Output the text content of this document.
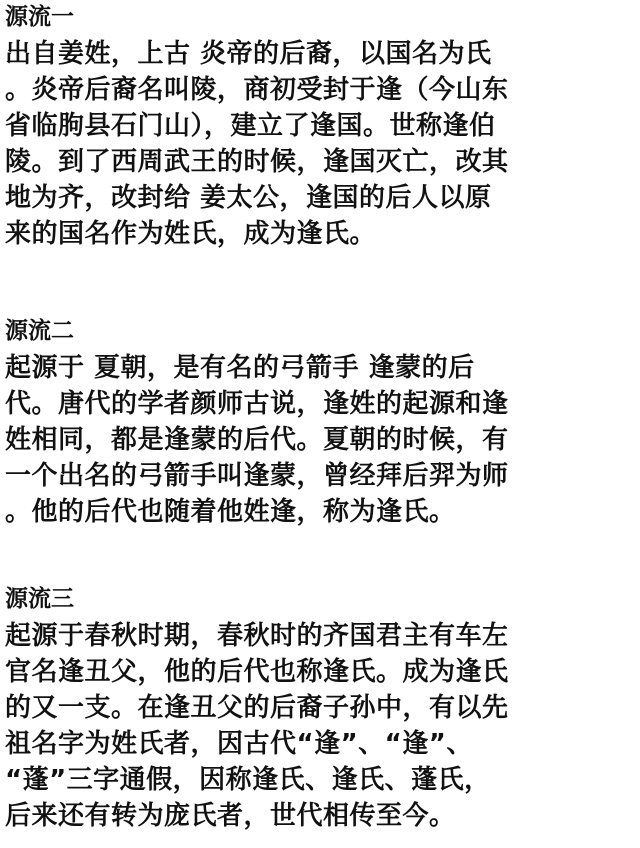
源流一
出自姜姓，上古 炎帝的后裔，以国名为氏
。炎帝后裔名叫陵，商初受封于逢（今山东
省临朐县石门山），建立了逢国。世称逢伯
陵。到了西周武王的时候，逢国灭亡，改其
地为齐，改封给 姜太公，逢国的后人以原
来的国名作为姓氏，成为逢氏。
源流二
起源于 夏朝，是有名的弓箭手 逢蒙的后
代。唐代的学者颜师古说，逢姓的起源和逢
姓相同，都是逢蒙的后代。夏朝的时候，有
一个出名的弓箭手叫逢蒙，曾经拜后羿为师
。他的后代也随着他姓逢，称为逢氏。
源流三
起源于春秋时期，春秋时的齐国君主有车左
官名逢丑父，他的后代也称逢氏。成为逢氏
的又一支。在逢丑父的后裔子孙中，有以先
祖名字为姓氏者，因古代“逢”、“逢”、
“蓬”三字通假，因称逢氏、逢氏、蓬氏，
后来还有转为庞氏者，世代相传至今。
